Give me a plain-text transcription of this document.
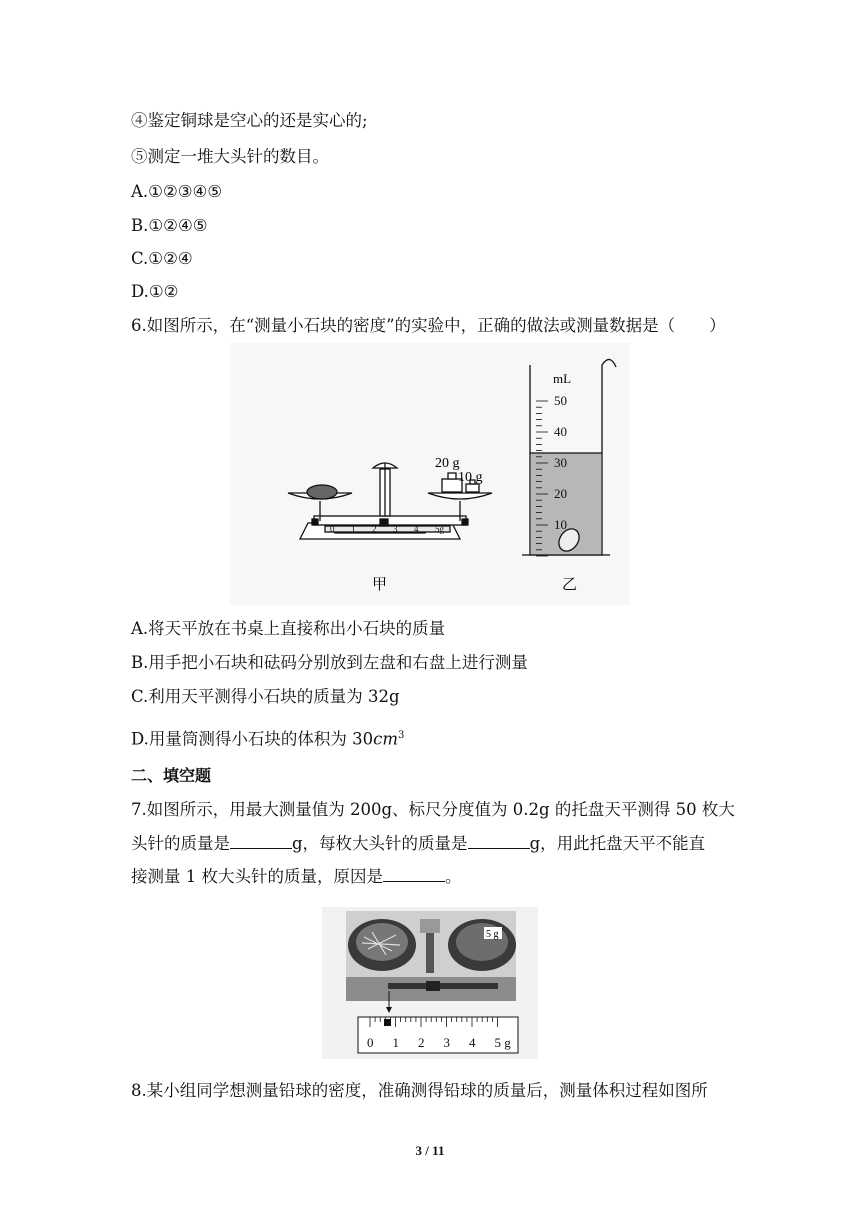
④鉴定铜球是空心的还是实心的;
⑤测定一堆大头针的数目。
A.①②③④⑤
B.①②④⑤
C.①②④
D.①②
6.如图所示，在“测量小石块的密度”的实验中，正确的做法或测量数据是（ ）
20 g
10 g
0 1 2 3 4 5g
甲
50
40
30
20
10
mL
乙
A.将天平放在书桌上直接称出小石块的质量
B.用手把小石块和砝码分别放到左盘和右盘上进行测量
C.利用天平测得小石块的质量为 32g
D.用量筒测得小石块的体积为 $30cm^3$
二、填空题
7.如图所示，用最大测量值为 200g、标尺分度值为 0.2g 的托盘天平测得 50 枚大
头针的质量是	g，每枚大头针的质量是	g，用此托盘天平不能直
接测量 1 枚大头针的质量，原因是	。
5 g
0 1 2 3 4 5 g
8.某小组同学想测量铅球的密度，准确测得铅球的质量后，测量体积过程如图所
3 / 11
